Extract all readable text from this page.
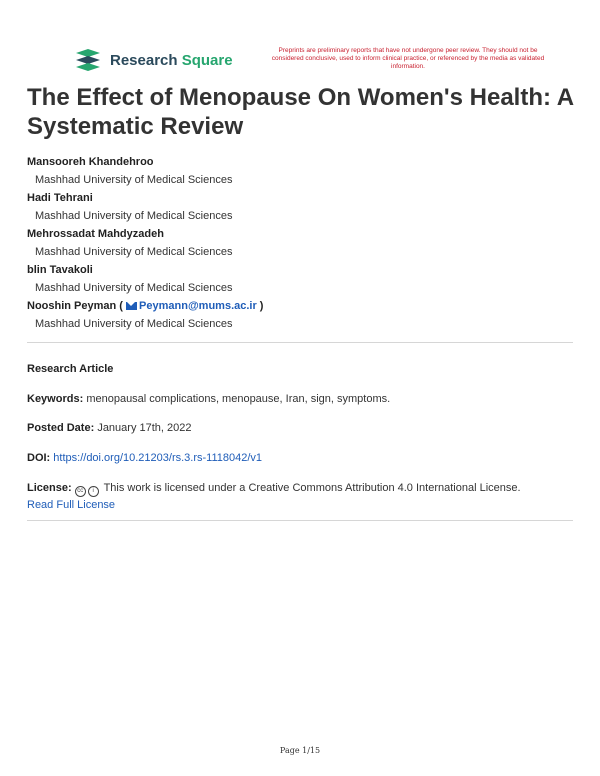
Research Square
Preprints are preliminary reports that have not undergone peer review. They should not be considered conclusive, used to inform clinical practice, or referenced by the media as validated information.
The Effect of Menopause On Women's Health: A Systematic Review
Mansooreh Khandehroo
Mashhad University of Medical Sciences
Hadi Tehrani
Mashhad University of Medical Sciences
Mehrossadat Mahdyzadeh
Mashhad University of Medical Sciences
blin Tavakoli
Mashhad University of Medical Sciences
Nooshin Peyman ( Peymann@mums.ac.ir )
Mashhad University of Medical Sciences
Research Article
Keywords: menopausal complications, menopause, Iran, sign, symptoms.
Posted Date: January 17th, 2022
DOI: https://doi.org/10.21203/rs.3.rs-1118042/v1
License: cc i This work is licensed under a Creative Commons Attribution 4.0 International License.
Read Full License
Page 1/15
